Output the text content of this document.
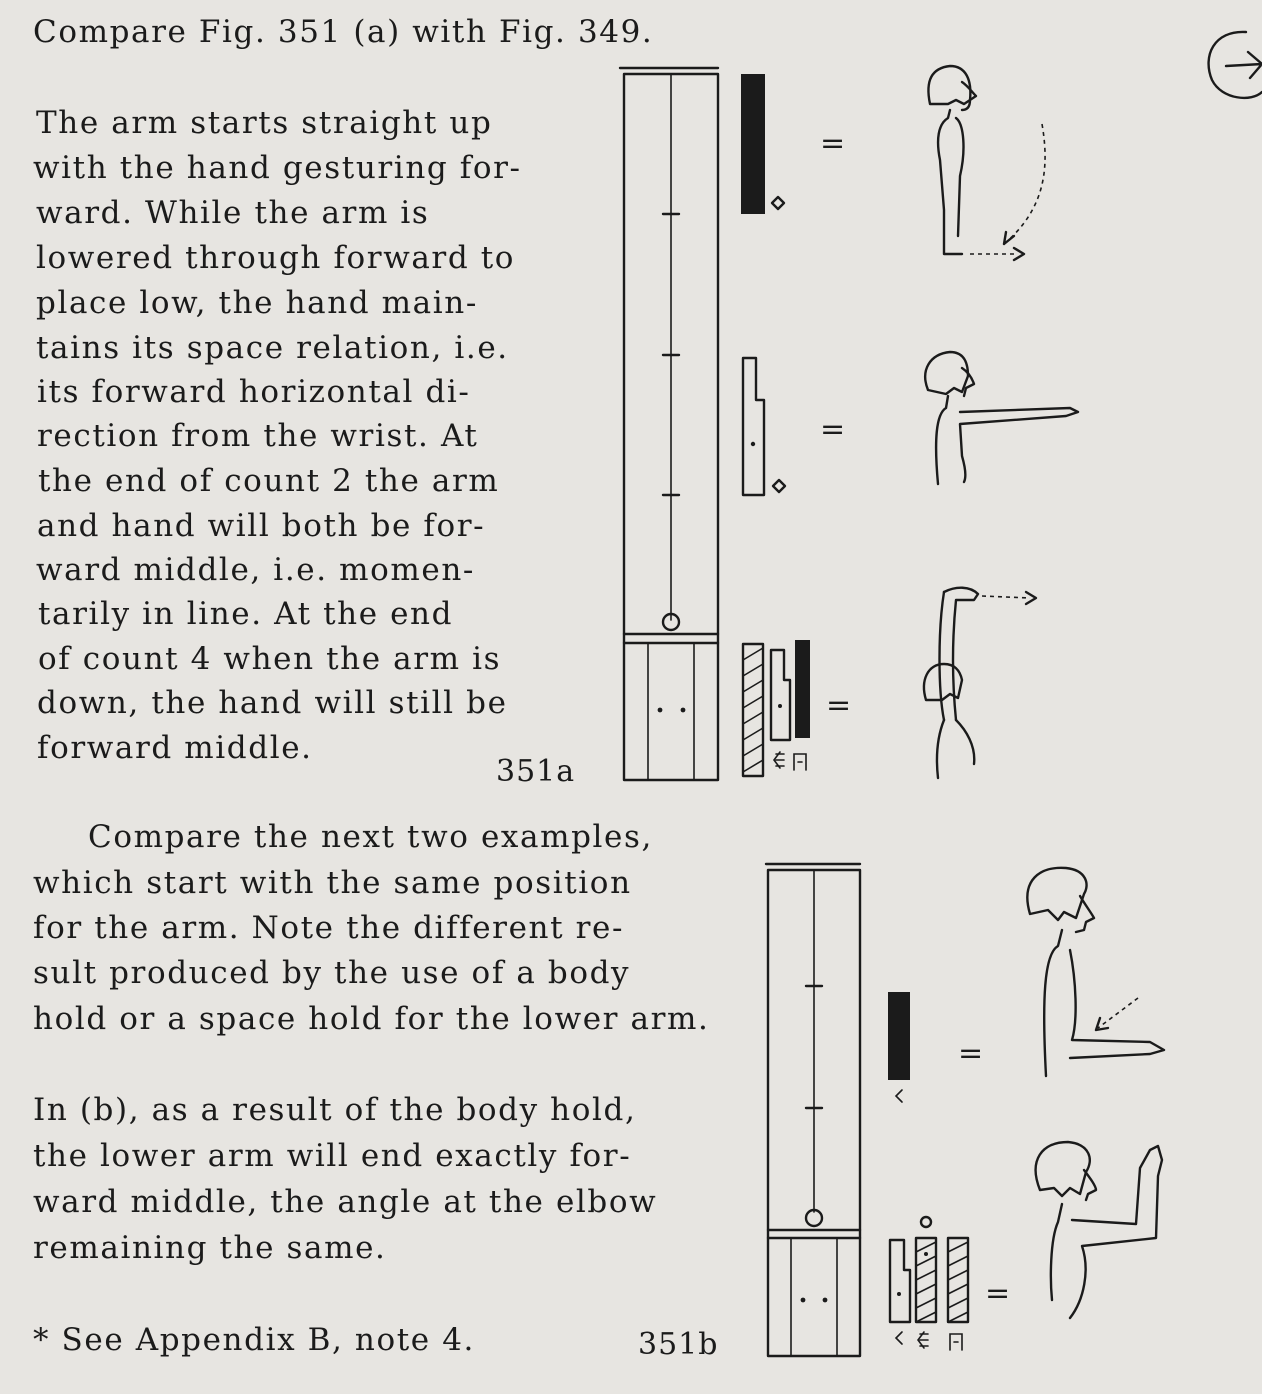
Compare Fig. 351 (a) with Fig. 349.
The arm starts straight up
with the hand gesturing for-
ward. While the arm is
lowered through forward to
place low, the hand main-
tains its space relation, i.e.
its forward horizontal di-
rection from the wrist. At
the end of count 2 the arm
and hand will both be for-
ward middle, i.e. momen-
tarily in line. At the end
of count 4 when the arm is
down, the hand will still be
forward middle.
351a
Compare the next two examples,
which start with the same position
for the arm. Note the different re-
sult produced by the use of a body
hold or a space hold for the lower arm.
In (b), as a result of the body hold,
the lower arm will end exactly for-
ward middle, the angle at the elbow
remaining the same.
* See Appendix B, note 4.	351b
=
=
=
=
=
